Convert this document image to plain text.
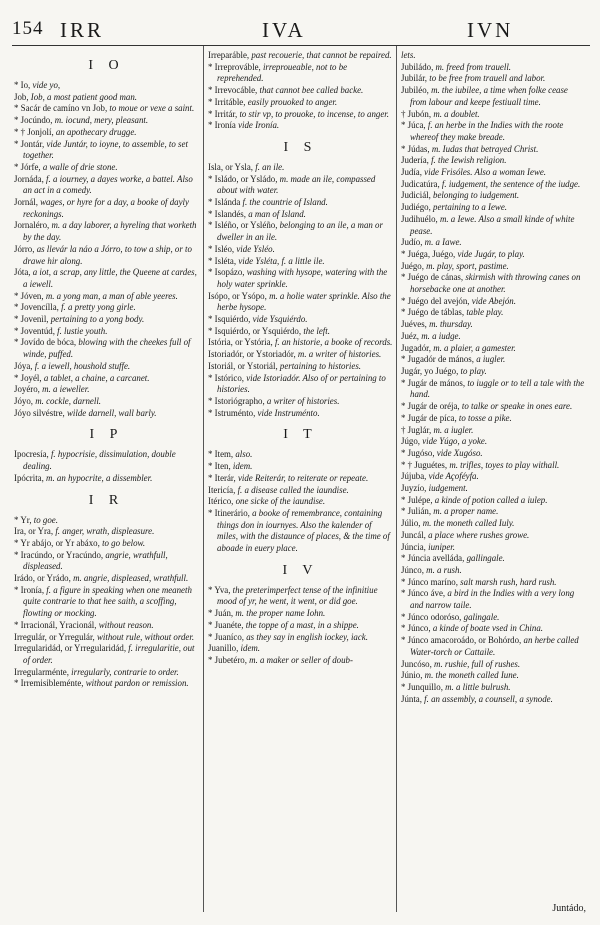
154 IRR	IVA	IVN
I O

* Io, vide yo,

Job, Iob, a most patient good man.

* Sacár de camíno vn Job, to moue or vexe a saint.

* Jocúndo, m. iocund, mery, pleasant.

* † Jonjolí, an apothecary drugge.

* Jontár, vide Juntár, to ioyne, to assemble, to set together.

* Jórfe, a walle of drie stone.

Jornáda, f. a iourney, a dayes worke, a battel. Also an act in a comedy.

Jornál, wages, or hyre for a day, a booke of dayly reckonings.

Jornaléro, m. a day laborer, a hyreling that worketh by the day.

Jórro, as llevár la náo a Jórro, to tow a ship, or to drawe hir along.

Jóta, a iot, a scrap, any little, the Queene at cardes, a iewell.

* Jóven, m. a yong man, a man of able yeeres.

* Jovencílla, f. a pretty yong girle.

* Jovenìl, pertaining to a yong body.

* Joventúd, f. lustie youth.

* Jovído de bóca, blowing with the cheekes full of winde, puffed.

Jóya, f. a iewell, houshold stuffe.

* Joyél, a tablet, a chaine, a carcanet.

Joyéro, m. a ieweller.

Jóyo, m. cockle, darnell.

Jóyo silvéstre, wilde darnell, wall barly.

I P

Ipocresía, f. hypocrisie, dissimulation, double dealing.

Ipócrita, m. an hypocrite, a dissembler.

I R

* Yr, to goe.

Ira, or Yra, f. anger, wrath, displeasure.

* Yr abájo, or Yr abáxo, to go below.

* Iracúndo, or Yracúndo, angrie, wrathfull, displeased.

Irádo, or Yrádo, m. angrie, displeased, wrathfull.

* Ironía, f. a figure in speaking when one meaneth quite contrarie to that hee saith, a scoffing, flowting or mocking.

* Irracionál, Yracionál, without reason.

Irregulár, or Yrregulár, without rule, without order.

Irregularidád, or Yrregularidád, f. irregularitie, out of order.

Irregularménte, irregularly, contrarie to order.

* Irremisibleménte, without pardon or remission.

Irreparáble, past recouerie, that cannot be repaired.

* Irreprováble, irreproueable, not to be reprehended.

* Irrevocáble, that cannot bee called backe.

* Irritáble, easily prouoked to anger.

* Irritár, to stir vp, to prouoke, to incense, to anger.

* Ironía vide Ironía.

I S

Isla, or Ysla, f. an ile.

* Isládo, or Ysládo, m. made an ile, compassed about with water.

* Islánda f. the countrie of Island.

* Islandés, a man of Island.

* Isléño, or Ysléño, belonging to an ile, a man or dweller in an ile.

* Isléo, vide Ysléo.

* Isléta, vide Ysléta, f. a little ile.

* Isopázo, washing with hysope, watering with the holy water sprinkle.

Isópo, or Ysópo, m. a holie water sprinkle. Also the herbe hysope.

* Isquiérdo, vide Ysquiérdo.

* Isquiérdo, or Ysquiérdo, the left.

Istória, or Ystória, f. an historie, a booke of records.

Istoriadór, or Ystoriadór, m. a writer of histories.

Istoriál, or Ystoriál, pertaining to histories.

* Istórico, vide Istoriadór. Also of or pertaining to histories.

* Istoriógrapho, a writer of histories.

* Istruménto, vide Instruménto.

I T

* Item, also.

* Iten, idem.

* Iterár, vide Reiterár, to reiterate or repeate.

Itericía, f. a disease called the iaundise.

Itérico, one sicke of the iaundise.

* Itinerário, a booke of remembrance, containing things don in iournyes. Also the kalender of miles, with the distaunce of places, & the time of aboade in euery place.

I V

* Yva, the preterimperfect tense of the infinitiue mood of yr, he went, it went, or did goe.

* Juán, m. the proper name Iohn.

* Juanéte, the toppe of a mast, in a shippe.

* Juaníco, as they say in english iockey, iack.

Juanillo, idem.

* Jubetéro, m. a maker or seller of doub-

lets.

Jubiládo, m. freed from trauell.

Jubilár, to be free from trauell and labor.

Jubiléo, m. the iubilee, a time when folke cease from labour and keepe festiuall time.

† Jubón, m. a doublet.

* Júca, f. an herbe in the Indies with the roote whereof they make breade.

* Júdas, m. Iudas that betrayed Christ.

Judería, f. the Iewish religion.

Judía, vide Frisóles. Also a woman Iewe.

Judicatúra, f. iudgement, the sentence of the iudge.

Judiciál, belonging to iudgement.

Judiégo, pertaining to a Iewe.

Judihuélo, m. a Iewe. Also a small kinde of white pease.

Judío, m. a Iawe.

* Juéga, Juégo, vide Jugár, to play.

Juégo, m. play, sport, pastime.

* Juégo de cánas, skirmish with throwing canes on horsebacke one at another.

* Juégo del avejón, vide Abejón.

* Juégo de táblas, table play.

Juéves, m. thursday.

Juéz, m. a iudge.

Jugadór, m. a plaier, a gamester.

* Jugadór de mános, a iugler.

Jugár, yo Juégo, to play.

* Jugár de mános, to iuggle or to tell a tale with the hand.

* Jugár de oréja, to talke or speake in ones eare.

* Jugár de píca, to tosse a pike.

† Juglár, m. a iugler.

Júgo, vide Yúgo, a yoke.

* Jugóso, vide Xugóso.

* † Juguétes, m. trifles, toyes to play withall.

Jújuba, vide Açoféyfa.

Juyzío, iudgement.

* Julépe, a kinde of potion called a iulep.

* Julián, m. a proper name.

Júlio, m. the moneth called Iuly.

Juncál, a place where rushes growe.

Júncia, iuniper.

* Júncia avelláda, gallingale.

Júnco, m. a rush.

* Júnco maríno, salt marsh rush, hard rush.

* Júnco áve, a bird in the Indies with a very long and narrow taile.

* Júnco odoróso, galingale.

* Júnco, a kinde of boate vsed in China.

* Júnco amacoroádo, or Bohórdo, an herbe called Water-torch or Cattaile.

Juncóso, m. rushie, full of rushes.

Júnio, m. the moneth called Iune.

* Junquillo, m. a little bulrush.

Júnta, f. an assembly, a counsell, a synode.

Juntádo,
